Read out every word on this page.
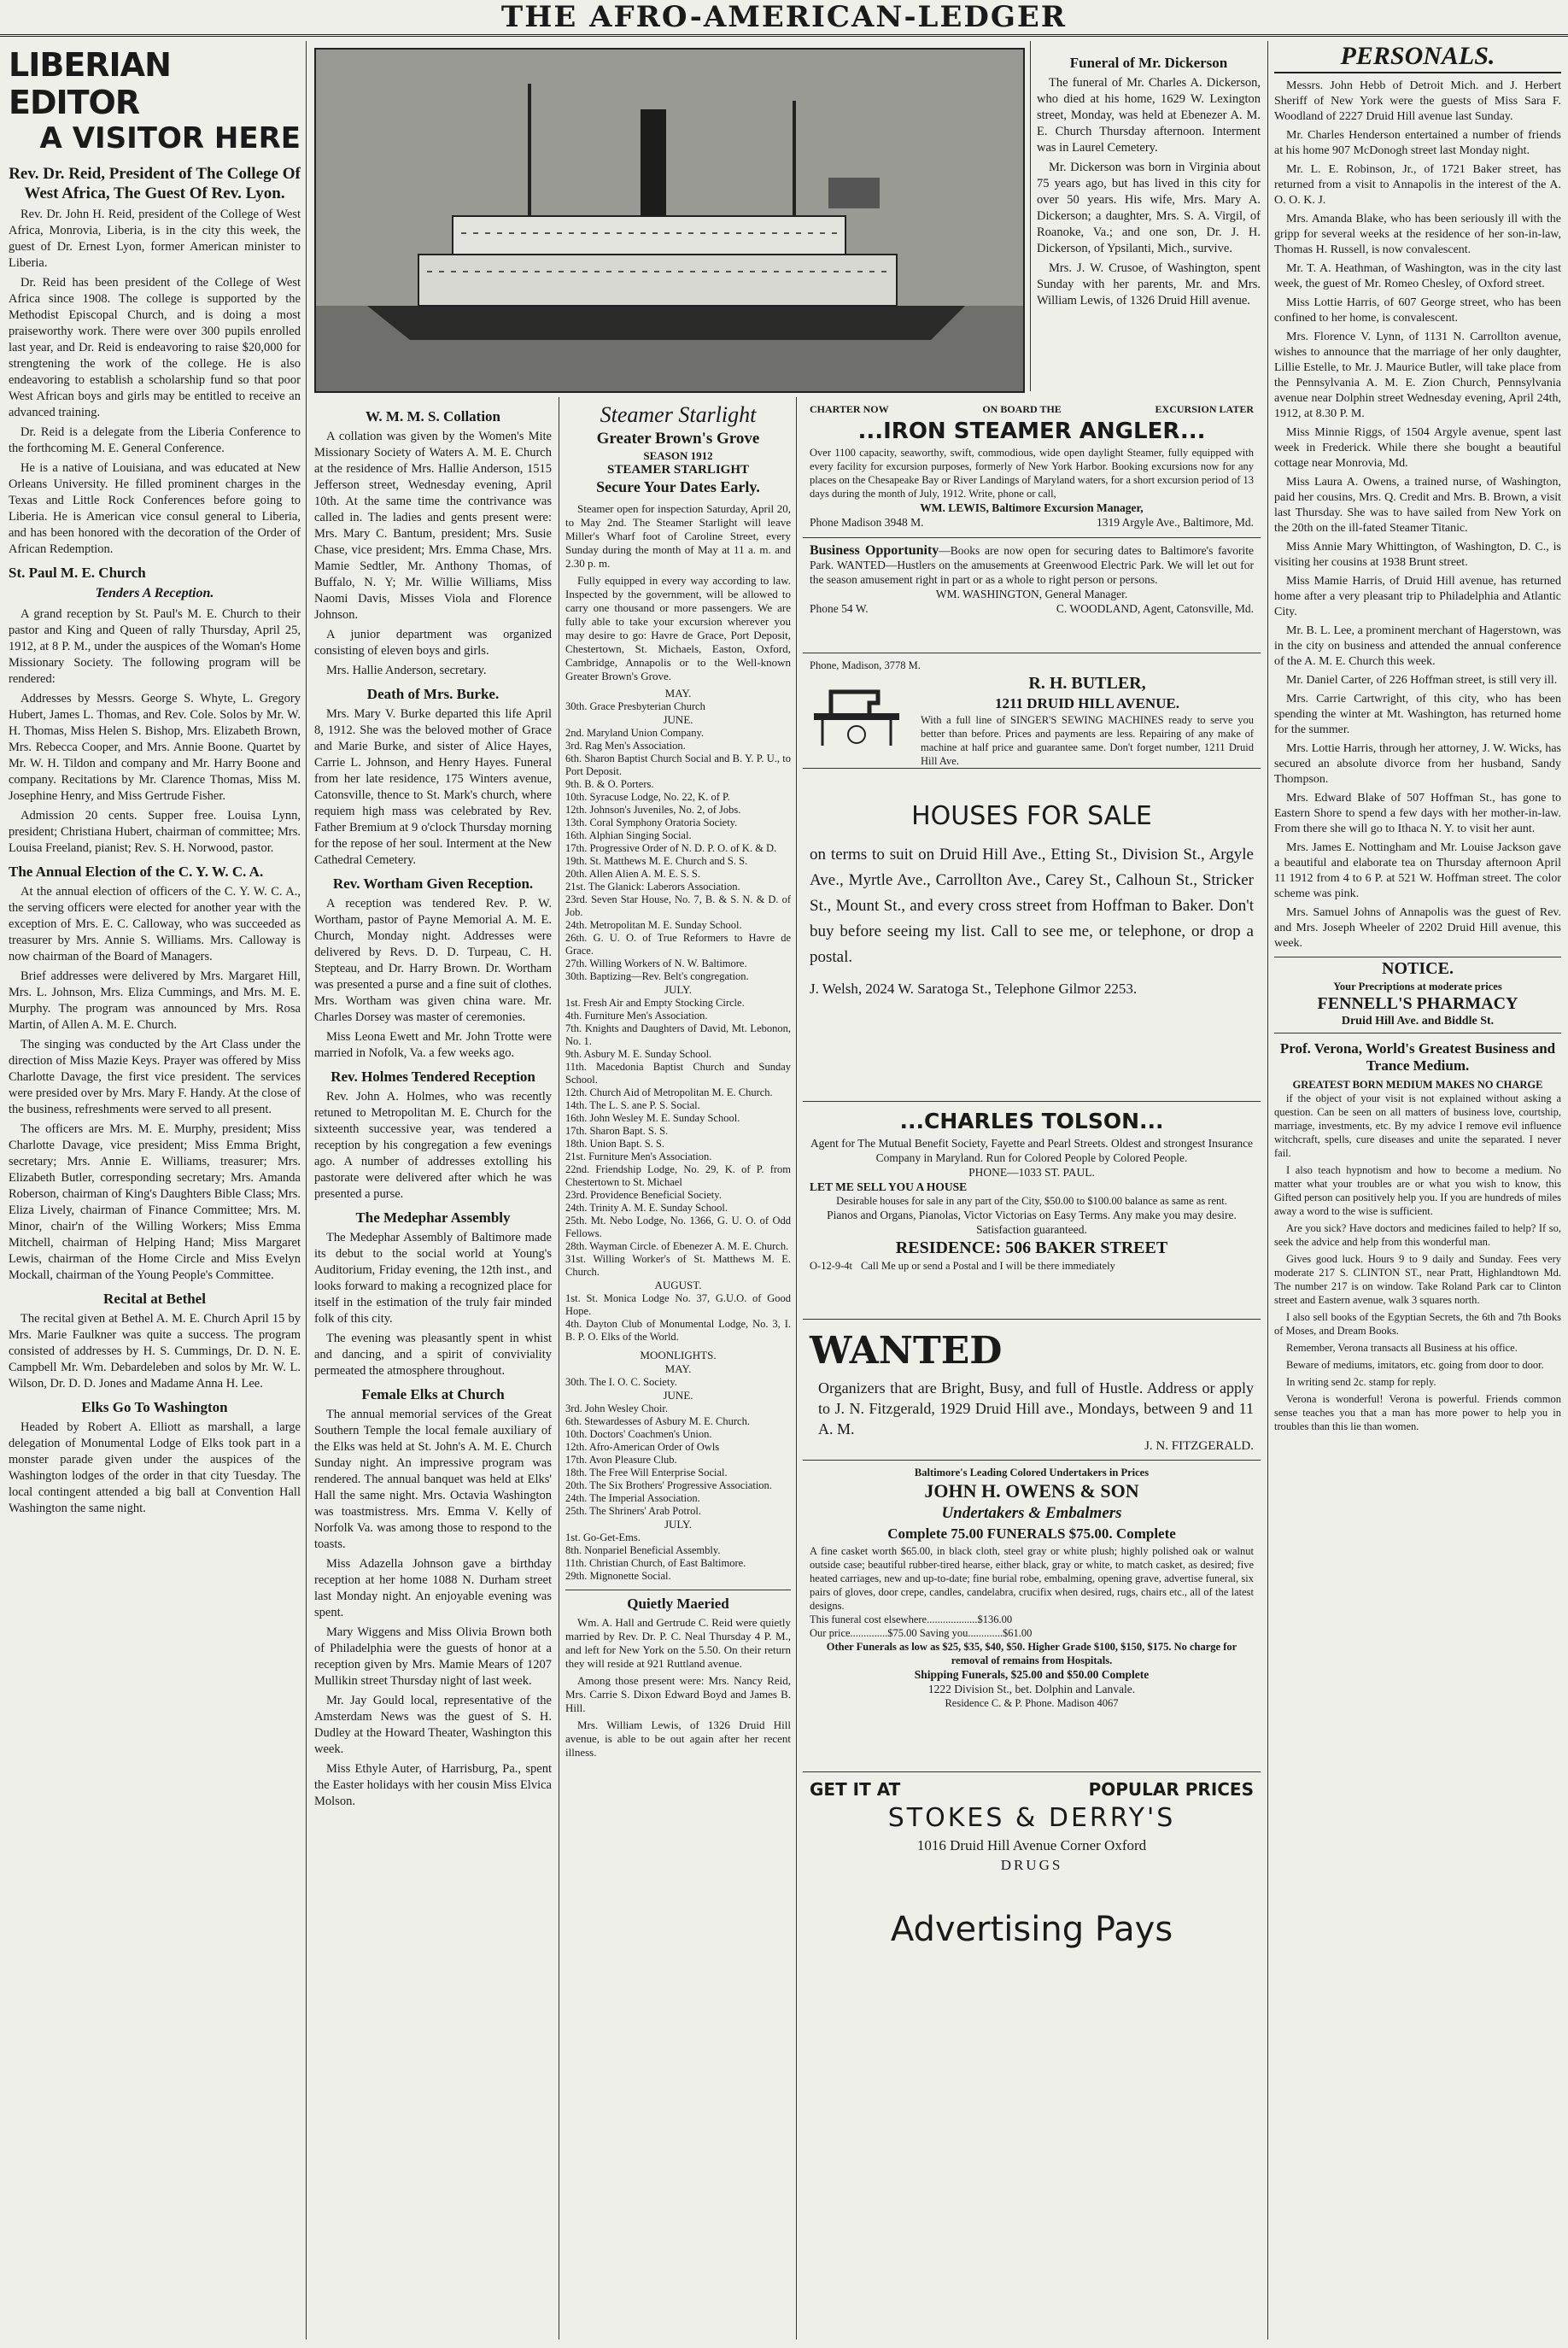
THE AFRO-AMERICAN-LEDGER
LIBERIAN EDITOR
A VISITOR HERE
Rev. Dr. Reid, President of The College Of West Africa, The Guest Of Rev. Lyon.

Rev. Dr. John H. Reid, president of the College of West Africa, Monrovia, Liberia, is in the city this week, the guest of Dr. Ernest Lyon, former American minister to Liberia.

Dr. Reid has been president of the College of West Africa since 1908. The college is supported by the Methodist Episcopal Church, and is doing a most praiseworthy work. There were over 300 pupils enrolled last year, and Dr. Reid is endeavoring to raise $20,000 for strengtening the work of the college. He is also endeavoring to establish a scholarship fund so that poor West African boys and girls may be entitled to receive an advanced training.

Dr. Reid is a delegate from the Liberia Conference to the forthcoming M. E. General Conference.

He is a native of Louisiana, and was educated at New Orleans University. He filled prominent charges in the Texas and Little Rock Conferences before going to Liberia. He is American vice consul general to Liberia, and has been honored with the decoration of the Order of African Redemption.

St. Paul M. E. Church
Tenders A Reception.

A grand reception by St. Paul's M. E. Church to their pastor and King and Queen of rally Thursday, April 25, 1912, at 8 P. M., under the auspices of the Woman's Home Missionary Society. The following program will be rendered:

Addresses by Messrs. George S. Whyte, L. Gregory Hubert, James L. Thomas, and Rev. Cole. Solos by Mr. W. H. Thomas, Miss Helen S. Bishop, Mrs. Elizabeth Brown, Mrs. Rebecca Cooper, and Mrs. Annie Boone. Quartet by Mr. W. H. Tildon and company and Mr. Harry Boone and company. Recitations by Mr. Clarence Thomas, Miss M. Josephine Henry, and Miss Gertrude Fisher.

Admission 20 cents. Supper free. Louisa Lynn, president; Christiana Hubert, chairman of committee; Mrs. Louisa Freeland, pianist; Rev. S. H. Norwood, pastor.

The Annual Election of the C. Y. W. C. A.

At the annual election of officers of the C. Y. W. C. A., the serving officers were elected for another year with the exception of Mrs. E. C. Calloway, who was succeeded as treasurer by Mrs. Annie S. Williams. Mrs. Calloway is now chairman of the Board of Managers.

Brief addresses were delivered by Mrs. Margaret Hill, Mrs. L. Johnson, Mrs. Eliza Cummings, and Mrs. M. E. Murphy. The program was announced by Mrs. Rosa Martin, of Allen A. M. E. Church.

The singing was conducted by the Art Class under the direction of Miss Mazie Keys. Prayer was offered by Miss Charlotte Davage, the first vice president. The services were presided over by Mrs. Mary F. Handy. At the close of the business, refreshments were served to all present.

The officers are Mrs. M. E. Murphy, president; Miss Charlotte Davage, vice president; Miss Emma Bright, secretary; Mrs. Annie E. Williams, treasurer; Mrs. Elizabeth Butler, corresponding secretary; Mrs. Amanda Roberson, chairman of King's Daughters Bible Class; Mrs. Eliza Lively, chairman of Finance Committee; Mrs. M. Minor, chair'n of the Willing Workers; Miss Emma Mitchell, chairman of Helping Hand; Miss Margaret Lewis, chairman of the Home Circle and Miss Evelyn Mockall, chairman of the Young People's Committee.

Recital at Bethel

The recital given at Bethel A. M. E. Church April 15 by Mrs. Marie Faulkner was quite a success. The program consisted of addresses by H. S. Cummings, Dr. D. N. E. Campbell Mr. Wm. Debardeleben and solos by Mr. W. L. Wilson, Dr. D. D. Jones and Madame Anna H. Lee.

Elks Go To Washington

Headed by Robert A. Elliott as marshall, a large delegation of Monumental Lodge of Elks took part in a monster parade given under the auspices of the Washington lodges of the order in that city Tuesday. The local contingent attended a big ball at Convention Hall Washington the same night.

W. M. M. S. Collation

A collation was given by the Women's Mite Missionary Society of Waters A. M. E. Church at the residence of Mrs. Hallie Anderson, 1515 Jefferson street, Wednesday evening, April 10th. At the same time the contrivance was called in. The ladies and gents present were: Mrs. Mary C. Bantum, president; Mrs. Susie Chase, vice president; Mrs. Emma Chase, Mrs. Mamie Sedtler, Mr. Anthony Thomas, of Buffalo, N. Y; Mr. Willie Williams, Miss Naomi Davis, Misses Viola and Florence Johnson.

A junior department was organized consisting of eleven boys and girls.

Mrs. Hallie Anderson, secretary.

Death of Mrs. Burke.

Mrs. Mary V. Burke departed this life April 8, 1912. She was the beloved mother of Grace and Marie Burke, and sister of Alice Hayes, Carrie L. Johnson, and Henry Hayes. Funeral from her late residence, 175 Winters avenue, Catonsville, thence to St. Mark's church, where requiem high mass was celebrated by Rev. Father Bremium at 9 o'clock Thursday morning for the repose of her soul. Interment at the New Cathedral Cemetery.

Rev. Wortham Given Reception.

A reception was tendered Rev. P. W. Wortham, pastor of Payne Memorial A. M. E. Church, Monday night. Addresses were delivered by Revs. D. D. Turpeau, C. H. Stepteau, and Dr. Harry Brown. Dr. Wortham was presented a purse and a fine suit of clothes. Mrs. Wortham was given china ware. Mr. Charles Dorsey was master of ceremonies.

Miss Leona Ewett and Mr. John Trotte were married in Nofolk, Va. a few weeks ago.

Rev. Holmes Tendered Reception

Rev. John A. Holmes, who was recently retuned to Metropolitan M. E. Church for the sixteenth successive year, was tendered a reception by his congregation a few evenings ago. A number of addresses extolling his pastorate were delivered after which he was presented a purse.

The Medephar Assembly

The Medephar Assembly of Baltimore made its debut to the social world at Young's Auditorium, Friday evening, the 12th inst., and looks forward to making a recognized place for itself in the estimation of the truly fair minded folk of this city.

The evening was pleasantly spent in whist and dancing, and a spirit of conviviality permeated the atmosphere throughout.

Female Elks at Church

The annual memorial services of the Great Southern Temple the local female auxiliary of the Elks was held at St. John's A. M. E. Church Sunday night. An impressive program was rendered. The annual banquet was held at Elks' Hall the same night. Mrs. Octavia Washington was toastmistress. Mrs. Emma V. Kelly of Norfolk Va. was among those to respond to the toasts.

Miss Adazella Johnson gave a birthday reception at her home 1088 N. Durham street last Monday night. An enjoyable evening was spent.

Mary Wiggens and Miss Olivia Brown both of Philadelphia were the guests of honor at a reception given by Mrs. Mamie Mears of 1207 Mullikin street Thursday night of last week.

Mr. Jay Gould local, representative of the Amsterdam News was the guest of S. H. Dudley at the Howard Theater, Washington this week.

Miss Ethyle Auter, of Harrisburg, Pa., spent the Easter holidays with her cousin Miss Elvica Molson.

Steamer Starlight
Greater Brown's Grove
SEASON 1912
STEAMER STARLIGHT
Secure Your Dates Early.

Steamer open for inspection Saturday, April 20, to May 2nd. The Steamer Starlight will leave Miller's Wharf foot of Caroline Street, every Sunday during the month of May at 11 a. m. and 2.30 p. m.

Fully equipped in every way according to law. Inspected by the government, will be allowed to carry one thousand or more passengers. We are fully able to take your excursion wherever you may desire to go: Havre de Grace, Port Deposit, Chestertown, St. Michaels, Easton, Oxford, Cambridge, Annapolis or to the Well-known Greater Brown's Grove.

MAY.
30th. Grace Presbyterian Church
JUNE.
2nd. Maryland Union Company.
3rd. Rag Men's Association.
6th. Sharon Baptist Church Social and B. Y. P. U., to Port Deposit.
9th. B. & O. Porters.
10th. Syracuse Lodge, No. 22, K. of P.
12th. Johnson's Juveniles, No. 2, of Jobs.
13th. Coral Symphony Oratoria Society.
16th. Alphian Singing Social.
17th. Progressive Order of N. D. P. O. of K. & D.
19th. St. Matthews M. E. Church and S. S.
20th. Allen Alien A. M. E. S. S.
21st. The Glanick: Laberors Association.
23rd. Seven Star House, No. 7, B. & S. N. & D. of Job.
24th. Metropolitan M. E. Sunday School.
26th. G. U. O. of True Reformers to Havre de Grace.
27th. Willing Workers of N. W. Baltimore.
30th. Baptizing—Rev. Belt's congregation.
JULY.
1st. Fresh Air and Empty Stocking Circle.
4th. Furniture Men's Association.
7th. Knights and Daughters of David, Mt. Lebonon, No. 1.
9th. Asbury M. E. Sunday School.
11th. Macedonia Baptist Church and Sunday School.
12th. Church Aid of Metropolitan M. E. Church.
14th. The L. S. ane P. S. Social.
16th. John Wesley M. E. Sunday School.
17th. Sharon Bapt. S. S.
18th. Union Bapt. S. S.
21st. Furniture Men's Association.
22nd. Friendship Lodge, No. 29, K. of P. from Chestertown to St. Michael
23rd. Providence Beneficial Society.
24th. Trinity A. M. E. Sunday School.
25th. Mt. Nebo Lodge, No. 1366, G. U. O. of Odd Fellows.
28th. Wayman Circle. of Ebenezer A. M. E. Church.
31st. Willing Worker's of St. Matthews M. E. Church.
AUGUST.
1st. St. Monica Lodge No. 37, G.U.O. of Good Hope.
4th. Dayton Club of Monumental Lodge, No. 3, I. B. P. O. Elks of the World.
MOONLIGHTS.
MAY.
30th. The I. O. C. Society.
JUNE.
3rd. John Wesley Choir.
6th. Stewardesses of Asbury M. E. Church.
10th. Doctors' Coachmen's Union.
12th. Afro-American Order of Owls
17th. Avon Pleasure Club.
18th. The Free Will Enterprise Social.
20th. The Six Brothers' Progressive Association.
24th. The Imperial Association.
25th. The Shriners' Arab Potrol.
JULY.
1st. Go-Get-Ems.
8th. Nonpariel Beneficial Assembly.
11th. Christian Church, of East Baltimore.
29th. Mignonette Social.
Quietly Maeried

Wm. A. Hall and Gertrude C. Reid were quietly married by Rev. Dr. P. C. Neal Thursday 4 P. M., and left for New York on the 5.50. On their return they will reside at 921 Ruttland avenue.

Among those present were: Mrs. Nancy Reid, Mrs. Carrie S. Dixon Edward Boyd and James B. Hill.

Mrs. William Lewis, of 1326 Druid Hill avenue, is able to be out again after her recent illness.

Funeral of Mr. Dickerson

The funeral of Mr. Charles A. Dickerson, who died at his home, 1629 W. Lexington street, Monday, was held at Ebenezer A. M. E. Church Thursday afternoon. Interment was in Laurel Cemetery.

Mr. Dickerson was born in Virginia about 75 years ago, but has lived in this city for over 50 years. His wife, Mrs. Mary A. Dickerson; a daughter, Mrs. S. A. Virgil, of Roanoke, Va.; and one son, Dr. J. H. Dickerson, of Ypsilanti, Mich., survive.

Mrs. J. W. Crusoe, of Washington, spent Sunday with her parents, Mr. and Mrs. William Lewis, of 1326 Druid Hill avenue.

CHARTER NOW	ON BOARD THE	EXCURSION LATER
...IRON STEAMER ANGLER...
Over 1100 capacity, seaworthy, swift, commodious, wide open daylight Steamer, fully equipped with every facility for excursion purposes, formerly of New York Harbor. Booking excursions now for any places on the Chesapeake Bay or River Landings of Maryland waters, for a short excursion period of 13 days during the month of July, 1912. Write, phone or call,
WM. LEWIS, Baltimore Excursion Manager,
Phone Madison 3948 M.	1319 Argyle Ave., Baltimore, Md.
Business Opportunity—Books are now open for securing dates to Baltimore's favorite Park. WANTED—Hustlers on the amusements at Greenwood Electric Park. We will let out for the season amusement right in part or as a whole to right person or persons.
WM. WASHINGTON, General Manager.
Phone 54 W.	C. WOODLAND, Agent, Catonsville, Md.
Phone, Madison, 3778 M.
R. H. BUTLER,
1211 DRUID HILL AVENUE.
With a full line of SINGER'S SEWING MACHINES ready to serve you better than before. Prices and payments are less. Repairing of any make of machine at half price and guarantee same. Don't forget number, 1211 Druid Hill Ave.
HOUSES FOR SALE
on terms to suit on Druid Hill Ave., Etting St., Division St., Argyle Ave., Myrtle Ave., Carrollton Ave., Carey St., Calhoun St., Stricker St., Mount St., and every cross street from Hoffman to Baker. Don't buy before seeing my list. Call to see me, or telephone, or drop a postal.
J. Welsh, 2024 W. Saratoga St., Telephone Gilmor 2253.
...CHARLES TOLSON...
Agent for The Mutual Benefit Society, Fayette and Pearl Streets. Oldest and strongest Insurance Company in Maryland. Run for Colored People by Colored People.
PHONE—1033 ST. PAUL.
LET ME SELL YOU A HOUSE
Desirable houses for sale in any part of the City, $50.00 to $100.00 balance as same as rent.
Pianos and Organs, Pianolas, Victor Victorias on Easy Terms. Any make you may desire.
Satisfaction guaranteed.
RESIDENCE: 506 BAKER STREET
O-12-9-4t Call Me up or send a Postal and I will be there immediately
WANTED
Organizers that are Bright, Busy, and full of Hustle. Address or apply to J. N. Fitzgerald, 1929 Druid Hill ave., Mondays, between 9 and 11 A. M.
J. N. FITZGERALD.
Baltimore's Leading Colored Undertakers in Prices
JOHN H. OWENS & SON
Undertakers & Embalmers
Complete 75.00 FUNERALS $75.00. Complete
A fine casket worth $65.00, in black cloth, steel gray or white plush; highly polished oak or walnut outside case; beautiful rubber-tired hearse, either black, gray or white, to match casket, as desired; five heated carriages, new and up-to-date; fine burial robe, embalming, opening grave, advertise funeral, six pairs of gloves, door crepe, candles, candelabra, crucifix when desired, rugs, chairs etc., all of the latest designs.
This funeral cost elsewhere...................$136.00
Our price..............$75.00 Saving you.............$61.00
Other Funerals as low as $25, $35, $40, $50. Higher Grade $100, $150, $175. No charge for removal of remains from Hospitals.
Shipping Funerals, $25.00 and $50.00 Complete
1222 Division St., bet. Dolphin and Lanvale.
Residence C. & P. Phone. Madison 4067
GET IT AT	POPULAR PRICES
STOKES & DERRY'S
1016 Druid Hill Avenue Corner Oxford
DRUGS
Advertising Pays
PERSONALS.

Messrs. John Hebb of Detroit Mich. and J. Herbert Sheriff of New York were the guests of Miss Sara F. Woodland of 2227 Druid Hill avenue last Sunday.

Mr. Charles Henderson entertained a number of friends at his home 907 McDonogh street last Monday night.

Mr. L. E. Robinson, Jr., of 1721 Baker street, has returned from a visit to Annapolis in the interest of the A. O. O. K. J.

Mrs. Amanda Blake, who has been seriously ill with the gripp for several weeks at the residence of her son-in-law, Thomas H. Russell, is now convalescent.

Mr. T. A. Heathman, of Washington, was in the city last week, the guest of Mr. Romeo Chesley, of Oxford street.

Miss Lottie Harris, of 607 George street, who has been confined to her home, is convalescent.

Mrs. Florence V. Lynn, of 1131 N. Carrollton avenue, wishes to announce that the marriage of her only daughter, Lillie Estelle, to Mr. J. Maurice Butler, will take place from the Pennsylvania A. M. E. Zion Church, Pennsylvania avenue near Dolphin street Wednesday evening, April 24th, 1912, at 8.30 P. M.

Miss Minnie Riggs, of 1504 Argyle avenue, spent last week in Frederick. While there she bought a beautiful cottage near Monrovia, Md.

Miss Laura A. Owens, a trained nurse, of Washington, paid her cousins, Mrs. Q. Credit and Mrs. B. Brown, a visit last Thursday. She was to have sailed from New York on the 20th on the ill-fated Steamer Titanic.

Miss Annie Mary Whittington, of Washington, D. C., is visiting her cousins at 1938 Brunt street.

Miss Mamie Harris, of Druid Hill avenue, has returned home after a very pleasant trip to Philadelphia and Atlantic City.

Mr. B. L. Lee, a prominent merchant of Hagerstown, was in the city on business and attended the annual conference of the A. M. E. Church this week.

Mr. Daniel Carter, of 226 Hoffman street, is still very ill.

Mrs. Carrie Cartwright, of this city, who has been spending the winter at Mt. Washington, has returned home for the summer.

Mrs. Lottie Harris, through her attorney, J. W. Wicks, has secured an absolute divorce from her husband, Sandy Thompson.

Mrs. Edward Blake of 507 Hoffman St., has gone to Eastern Shore to spend a few days with her mother-in-law. From there she will go to Ithaca N. Y. to visit her aunt.

Mrs. James E. Nottingham and Mr. Louise Jackson gave a beautiful and elaborate tea on Thursday afternoon April 11 1912 from 4 to 6 P. at 521 W. Hoffman street. The color scheme was pink.

Mrs. Samuel Johns of Annapolis was the guest of Rev. and Mrs. Joseph Wheeler of 2202 Druid Hill avenue, this week.

NOTICE.
Your Precriptions at moderate prices
FENNELL'S PHARMACY
Druid Hill Ave. and Biddle St.
Prof. Verona, World's Greatest Business and Trance Medium.
GREATEST BORN MEDIUM MAKES NO CHARGE

if the object of your visit is not explained without asking a question. Can be seen on all matters of business love, courtship, marriage, investments, etc. By my advice I remove evil influence witchcraft, spells, cure diseases and unite the separated. I never fail.

I also teach hypnotism and how to become a medium. No matter what your troubles are or what you wish to know, this Gifted person can positively help you. If you are hundreds of miles away a word to the wise is sufficient.

Are you sick? Have doctors and medicines failed to help? If so, seek the advice and help from this wonderful man.

Gives good luck. Hours 9 to 9 daily and Sunday. Fees very moderate 217 S. CLINTON ST., near Pratt, Highlandtown Md. The number 217 is on window. Take Roland Park car to Clinton street and Eastern avenue, walk 3 squares north.

I also sell books of the Egyptian Secrets, the 6th and 7th Books of Moses, and Dream Books.

Remember, Verona transacts all Business at his office.

Beware of mediums, imitators, etc. going from door to door.

In writing send 2c. stamp for reply.

Verona is wonderful! Verona is powerful. Friends common sense teaches you that a man has more power to help you in troubles than this lie than women.
